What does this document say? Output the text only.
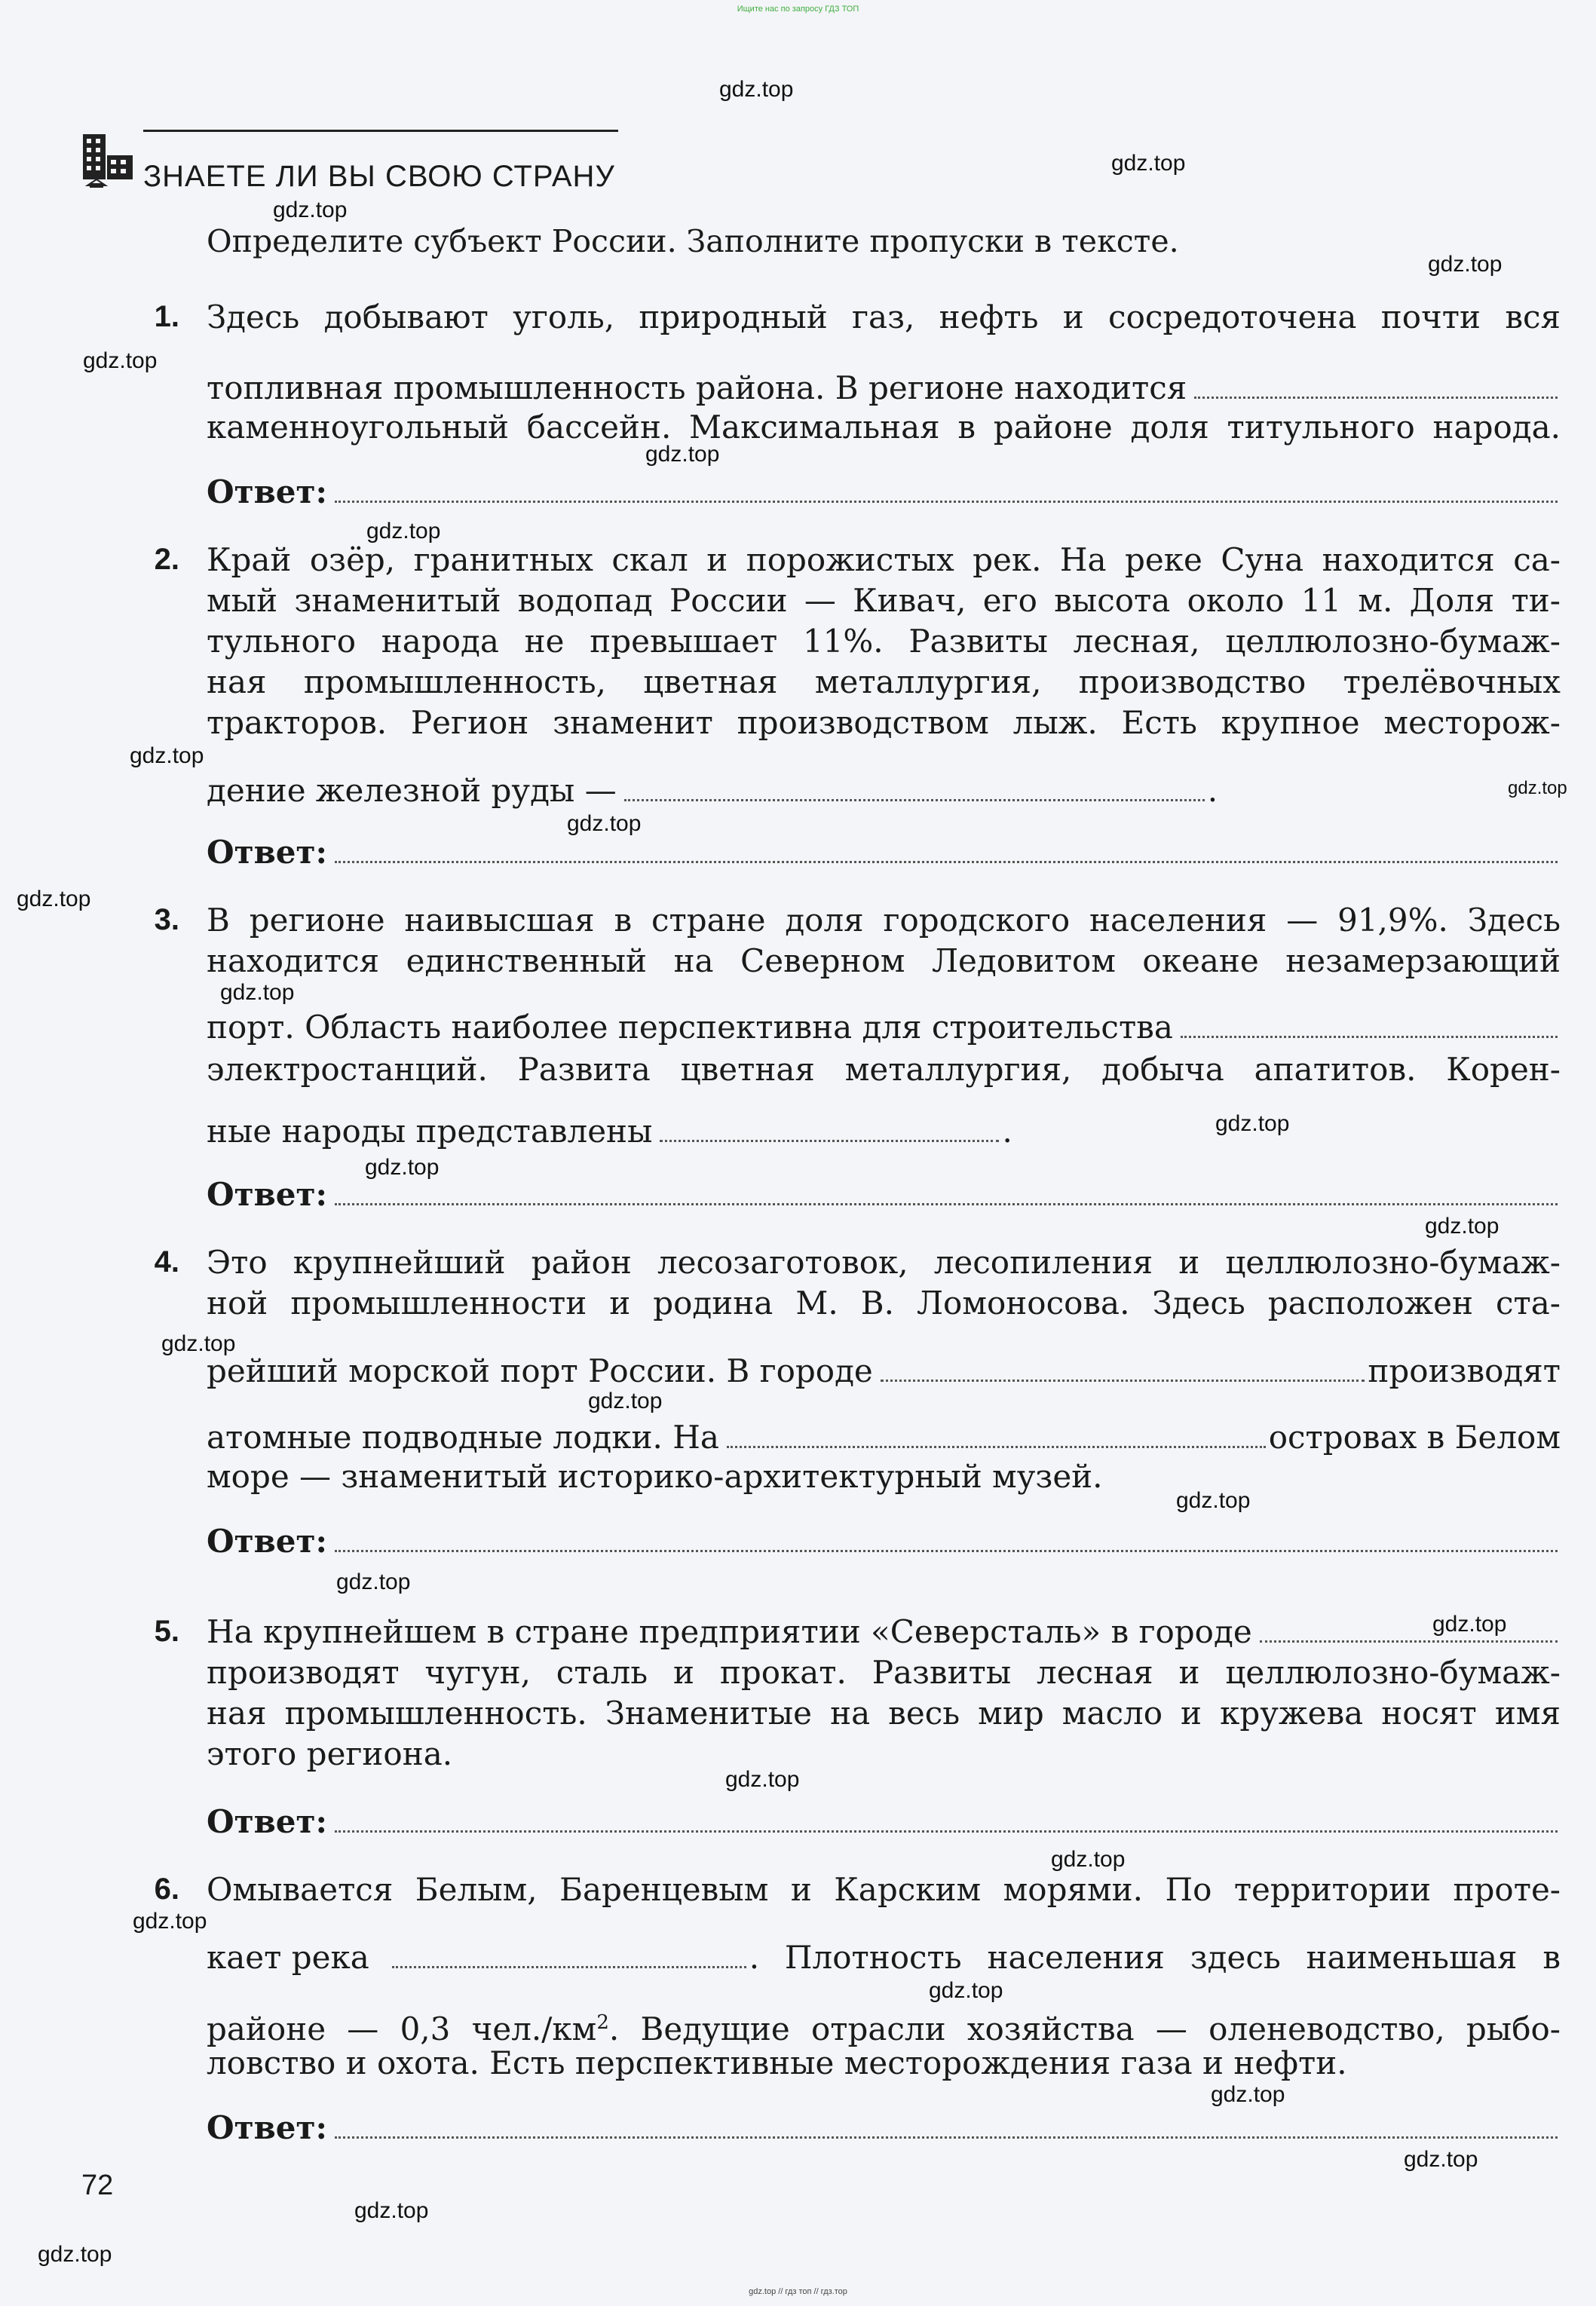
Ищите нас по запросу ГДЗ ТОП
gdz.top // гдз топ // гдз.тор
ЗНАЕТЕ ЛИ ВЫ СВОЮ СТРАНУ
Определите субъект России. Заполните пропуски в тексте.
1. Здесь добывают уголь, природный газ, нефть и сосредоточена почти вся
топливная промышленность района. В регионе находится
каменноугольный бассейн. Максимальная в районе доля титульного народа.
Ответ:
2. Край озёр, гранитных скал и порожистых рек. На реке Суна находится са-
мый знаменитый водопад России — Кивач, его высота около 11 м. Доля ти-
тульного народа не превышает 11%. Развиты лесная, целлюлозно-бумаж-
ная промышленность, цветная металлургия, производство трелёвочных
тракторов. Регион знаменит производством лыж. Есть крупное месторож-
дение железной руды —	.
Ответ:
3. В регионе наивысшая в стране доля городского населения — 91,9%. Здесь
находится единственный на Северном Ледовитом океане незамерзающий
порт. Область наиболее перспективна для строительства
электростанций. Развита цветная металлургия, добыча апатитов. Корен-
ные народы представлены	.
Ответ:
4. Это крупнейший район лесозаготовок, лесопиления и целлюлозно-бумаж-
ной промышленности и родина М. В. Ломоносова. Здесь расположен ста-
рейший морской порт России. В городе	производят
атомные подводные лодки. На	островах в Белом
море — знаменитый историко-архитектурный музей.
Ответ:
5. На крупнейшем в стране предприятии «Северсталь» в городе
производят чугун, сталь и прокат. Развиты лесная и целлюлозно-бумаж-
ная промышленность. Знаменитые на весь мир масло и кружева носят имя
этого региона.
Ответ:
6. Омывается Белым, Баренцевым и Карским морями. По территории проте-
кает река	. Плотность населения здесь наименьшая в
районе — 0,3 $чел./км^2$. Ведущие отрасли хозяйства — оленеводство, рыбо-
ловство и охота. Есть перспективные месторождения газа и нефти.
Ответ:
72
gdz.top
gdz.top
gdz.top
gdz.top
gdz.top
gdz.top
gdz.top
gdz.top
gdz.top
gdz.top
gdz.top
gdz.top
gdz.top
gdz.top
gdz.top
gdz.top
gdz.top
gdz.top
gdz.top
gdz.top
gdz.top
gdz.top
gdz.top
gdz.top
gdz.top
gdz.top
gdz.top
gdz.top
